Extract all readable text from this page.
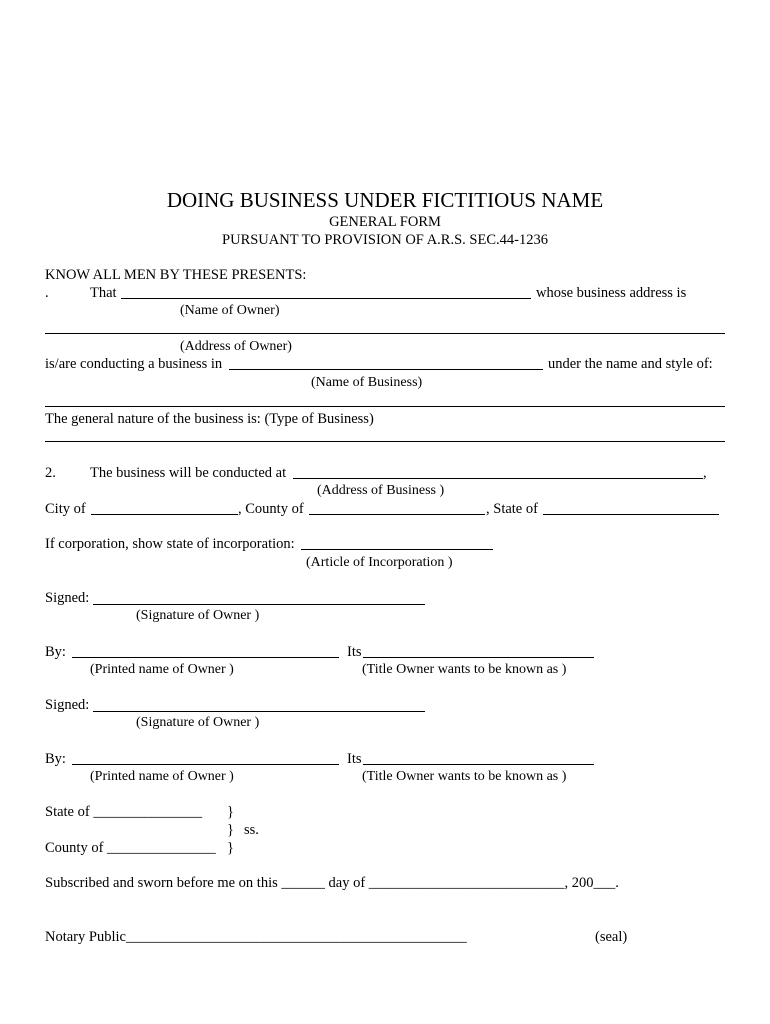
DOING BUSINESS UNDER FICTITIOUS NAME
GENERAL FORM
PURSUANT TO PROVISION OF A.R.S. SEC.44-1236
KNOW ALL MEN BY THESE PRESENTS:
.	That	whose business address is
(Name of Owner)
(Address of Owner)
is/are conducting a business in	under the name and style of:
(Name of Business)
The general nature of the business is: (Type of Business)
2. The business will be conducted at	,
(Address of Business )
City of	, County of	, State of
If corporation, show state of incorporation:
(Article of Incorporation )
Signed:
(Signature of Owner )
By:	Its
(Printed name of Owner )	(Title Owner wants to be known as )
Signed:
(Signature of Owner )
By:	Its
(Printed name of Owner )	(Title Owner wants to be known as )
State of _______________ }
} ss.
County of _______________ }
Subscribed and sworn before me on this ______ day of ___________________________, 200___.
Notary Public_______________________________________________	(seal)
